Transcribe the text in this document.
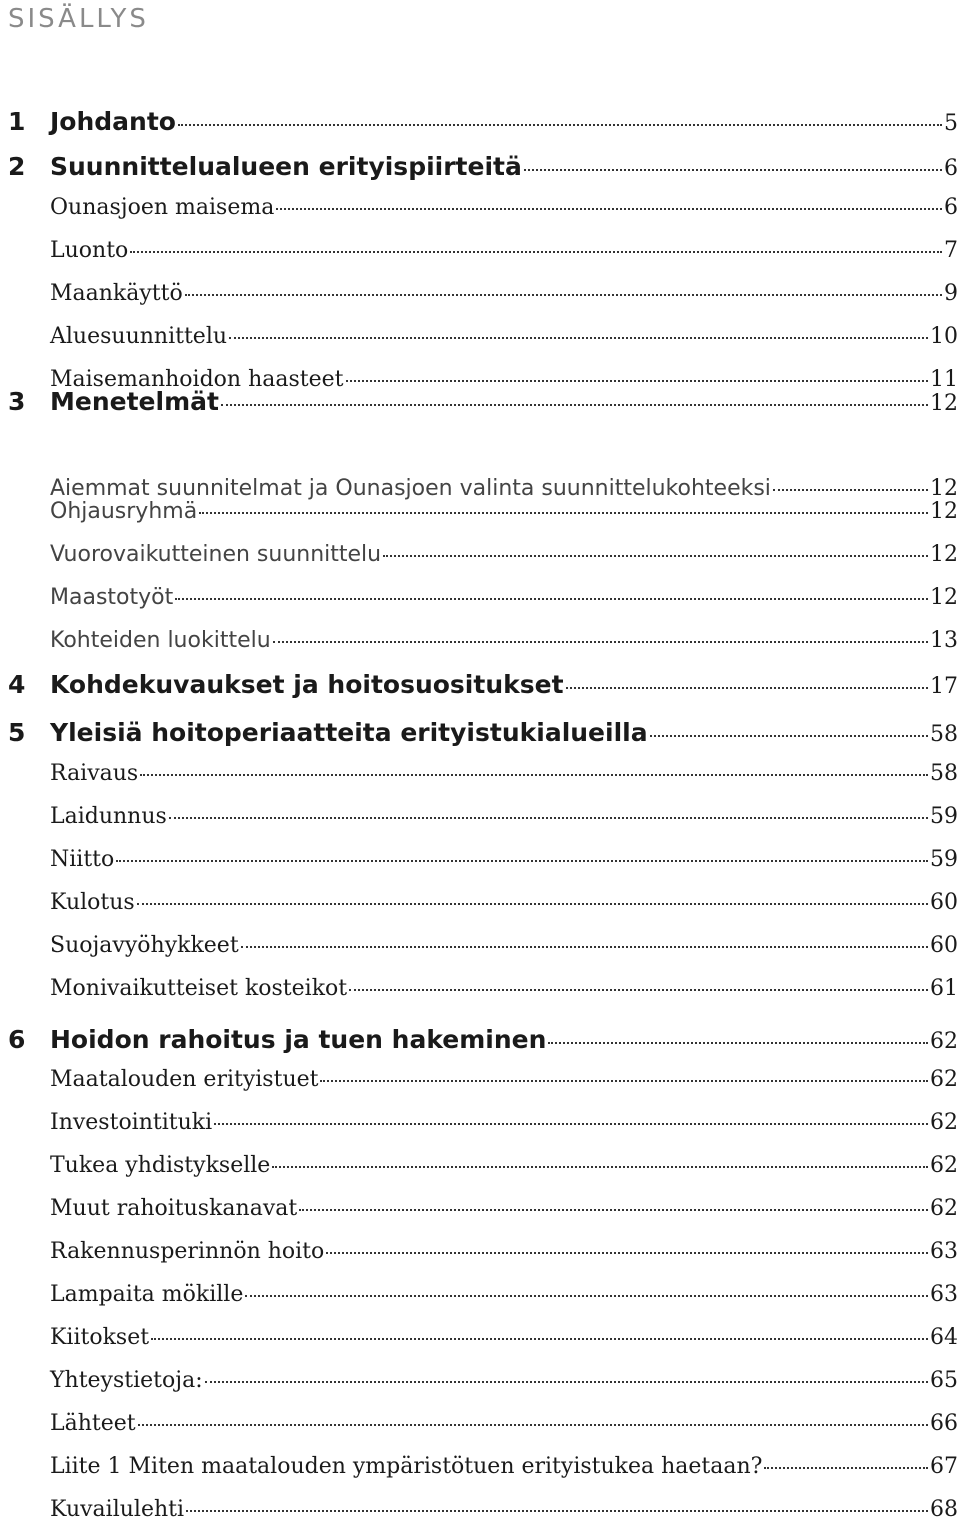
SISÄLLYS
1 Johdanto	5
2 Suunnittelualueen erityispiirteitä	6
Ounasjoen maisema	6
Luonto	7
Maankäyttö	9
Aluesuunnittelu	10
Maisemanhoidon haasteet	11
3 Menetelmät	12
Aiemmat suunnitelmat ja Ounasjoen valinta suunnittelukohteeksi	12
Ohjausryhmä	12
Vuorovaikutteinen suunnittelu	12
Maastotyöt	12
Kohteiden luokittelu	13
4 Kohdekuvaukset ja hoitosuositukset	17
5 Yleisiä hoitoperiaatteita erityistukialueilla	58
Raivaus	58
Laidunnus	59
Niitto	59
Kulotus	60
Suojavyöhykkeet	60
Monivaikutteiset kosteikot	61
6 Hoidon rahoitus ja tuen hakeminen	62
Maatalouden erityistuet	62
Investointituki	62
Tukea yhdistykselle	62
Muut rahoituskanavat	62
Rakennusperinnön hoito	63
Lampaita mökille	63
Kiitokset	64
Yhteystietoja:	65
Lähteet	66
Liite 1 Miten maatalouden ympäristötuen erityistukea haetaan?	67
Kuvailulehti	68
